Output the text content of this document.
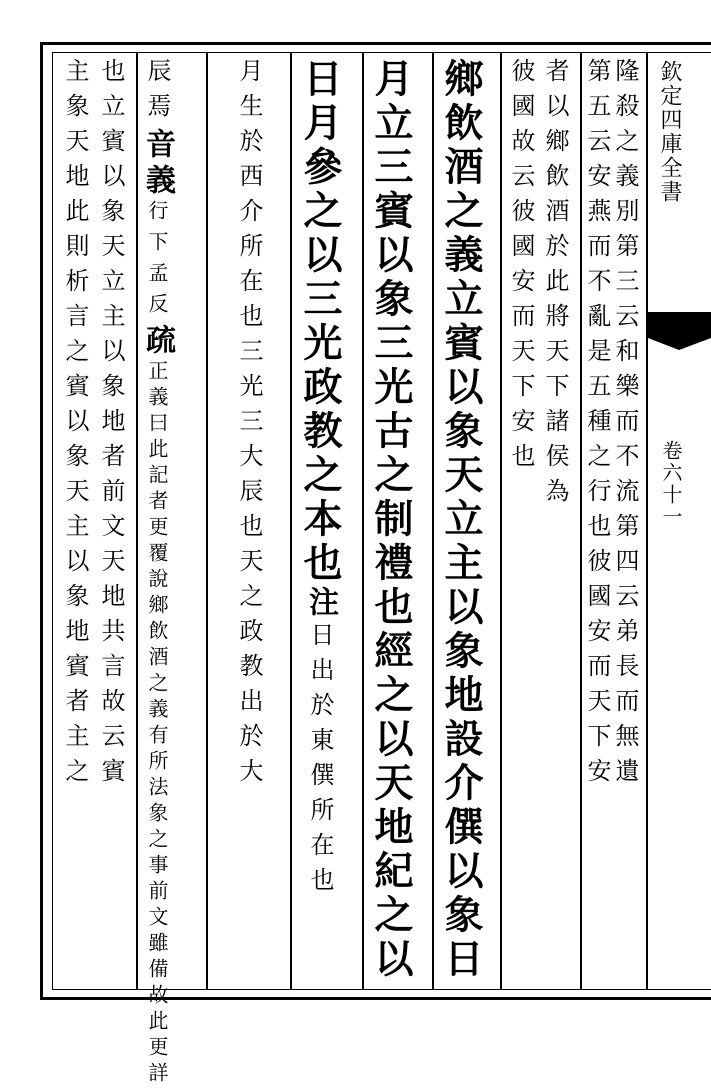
欽定四庫全書
卷六十一
隆殺之義別第三云和樂而不流第四云弟長而無遺
第五云安燕而不亂是五種之行也彼國安而天下安
者以鄉飲酒於此將天下諸侯為
彼國故云彼國安而天下安也
鄉飲酒之義立賓以象天立主以象地設介僎以象日
月立三賓以象三光古之制禮也經之以天地紀之以
日月參之以三光政教之本也注日出於東僎所在也
月生於西介所在也三光三大辰也天之政教出於大
辰焉音義行下孟反疏正義曰此記者更覆說鄉飲酒之義有所法象之事前文雖備故此更詳
也立賓以象天立主以象地者前文天地共言故云賓
主象天地此則析言之賓以象天主以象地賓者主之
